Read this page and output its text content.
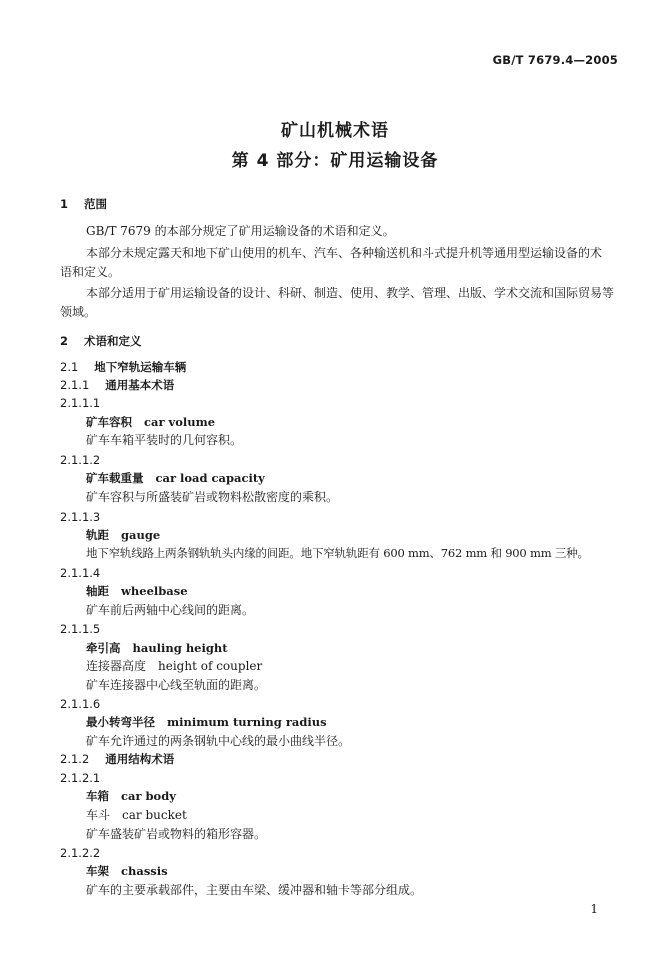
GB/T 7679.4—2005
矿山机械术语
第 4 部分：矿用运输设备
1 范围
GB/T 7679 的本部分规定了矿用运输设备的术语和定义。
本部分未规定露天和地下矿山使用的机车、汽车、各种输送机和斗式提升机等通用型运输设备的术
语和定义。
本部分适用于矿用运输设备的设计、科研、制造、使用、教学、管理、出版、学术交流和国际贸易等
领域。
2 术语和定义
2.1 地下窄轨运输车辆
2.1.1 通用基本术语
2.1.1.1
矿车容积 car volume
矿车车箱平装时的几何容积。
2.1.1.2
矿车载重量 car load capacity
矿车容积与所盛装矿岩或物料松散密度的乘积。
2.1.1.3
轨距 gauge
地下窄轨线路上两条钢轨轨头内缘的间距。地下窄轨轨距有 600 mm、762 mm 和 900 mm 三种。
2.1.1.4
轴距 wheelbase
矿车前后两轴中心线间的距离。
2.1.1.5
牵引高 hauling height
连接器高度 height of coupler
矿车连接器中心线至轨面的距离。
2.1.1.6
最小转弯半径 minimum turning radius
矿车允许通过的两条钢轨中心线的最小曲线半径。
2.1.2 通用结构术语
2.1.2.1
车箱 car body
车斗 car bucket
矿车盛装矿岩或物料的箱形容器。
2.1.2.2
车架 chassis
矿车的主要承载部件，主要由车梁、缓冲器和轴卡等部分组成。
1
